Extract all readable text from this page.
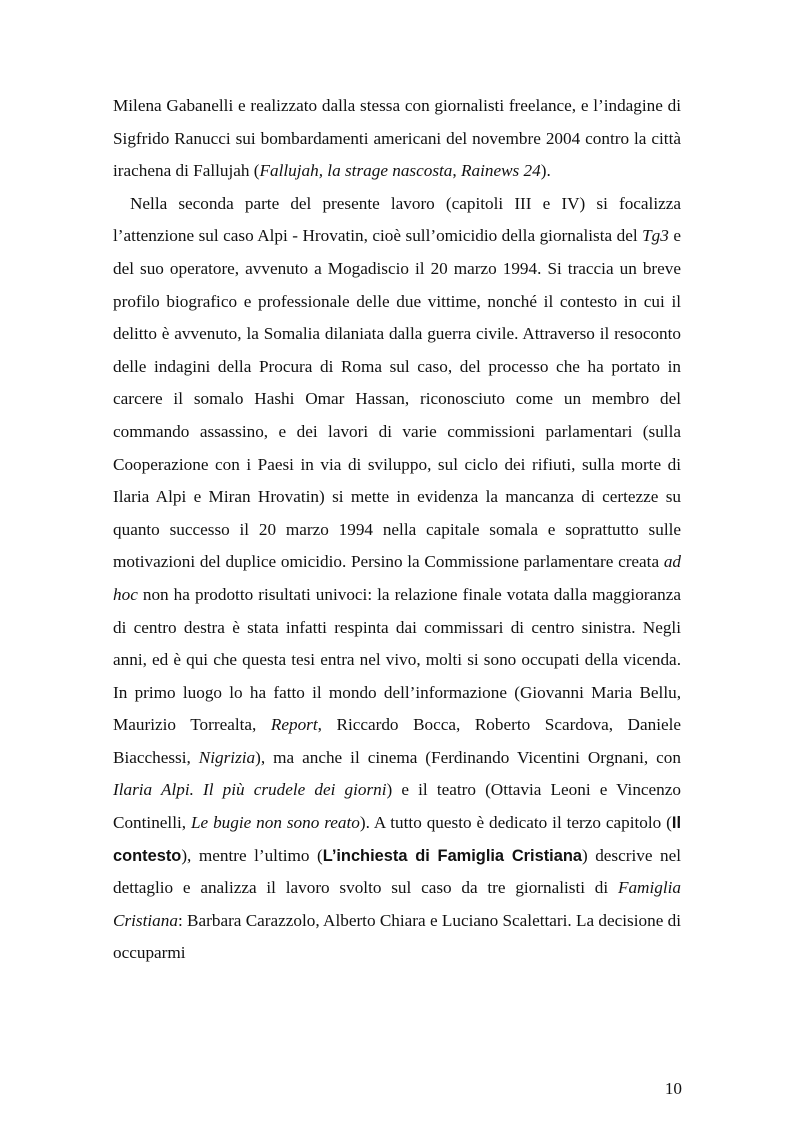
Milena Gabanelli e realizzato dalla stessa con giornalisti freelance, e l’indagine di Sigfrido Ranucci sui bombardamenti americani del novembre 2004 contro la città irachena di Fallujah (Fallujah, la strage nascosta, Rainews 24).

Nella seconda parte del presente lavoro (capitoli III e IV) si focalizza l’attenzione sul caso Alpi - Hrovatin, cioè sull’omicidio della giornalista del Tg3 e del suo operatore, avvenuto a Mogadiscio il 20 marzo 1994. Si traccia un breve profilo biografico e professionale delle due vittime, nonché il contesto in cui il delitto è avvenuto, la Somalia dilaniata dalla guerra civile. Attraverso il resoconto delle indagini della Procura di Roma sul caso, del processo che ha portato in carcere il somalo Hashi Omar Hassan, riconosciuto come un membro del commando assassino, e dei lavori di varie commissioni parlamentari (sulla Cooperazione con i Paesi in via di sviluppo, sul ciclo dei rifiuti, sulla morte di Ilaria Alpi e Miran Hrovatin) si mette in evidenza la mancanza di certezze su quanto successo il 20 marzo 1994 nella capitale somala e soprattutto sulle motivazioni del duplice omicidio. Persino la Commissione parlamentare creata ad hoc non ha prodotto risultati univoci: la relazione finale votata dalla maggioranza di centro destra è stata infatti respinta dai commissari di centro sinistra. Negli anni, ed è qui che questa tesi entra nel vivo, molti si sono occupati della vicenda. In primo luogo lo ha fatto il mondo dell’informazione (Giovanni Maria Bellu, Maurizio Torrealta, Report, Riccardo Bocca, Roberto Scardova, Daniele Biacchessi, Nigrizia), ma anche il cinema (Ferdinando Vicentini Orgnani, con Ilaria Alpi. Il più crudele dei giorni) e il teatro (Ottavia Leoni e Vincenzo Continelli, Le bugie non sono reato). A tutto questo è dedicato il terzo capitolo (Il contesto), mentre l’ultimo (L’inchiesta di Famiglia Cristiana) descrive nel dettaglio e analizza il lavoro svolto sul caso da tre giornalisti di Famiglia Cristiana: Barbara Carazzolo, Alberto Chiara e Luciano Scalettari. La decisione di occuparmi

10
